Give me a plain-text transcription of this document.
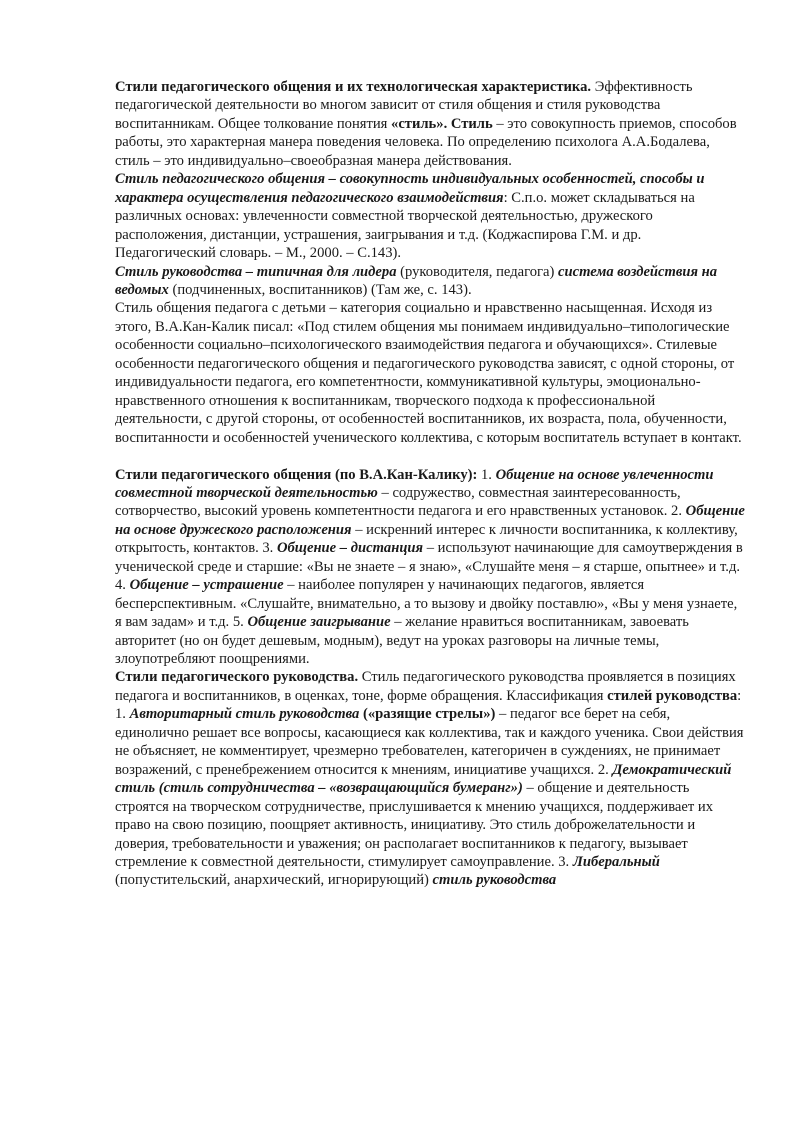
Стили педагогического общения и их технологическая характеристика. Эффективность педагогической деятельности во многом зависит от стиля общения и стиля руководства воспитанникам. Общее толкование понятия «стиль». Стиль – это совокупность приемов, способов работы, это характерная манера поведения человека. По определению психолога А.А.Бодалева, стиль – это индивидуально–своеобразная манера действования.

Стиль педагогического общения – совокупность индивидуальных особенностей, способы и характера осуществления педагогического взаимодействия: С.п.о. может складываться на различных основах: увлеченности совместной творческой деятельностью, дружеского расположения, дистанции, устрашения, заигрывания и т.д. (Коджаспирова Г.М. и др. Педагогический словарь. – М., 2000. – С.143).

Стиль руководства – типичная для лидера (руководителя, педагога) система воздействия на ведомых (подчиненных, воспитанников) (Там же, с. 143).

Стиль общения педагога с детьми – категория социально и нравственно насыщенная. Исходя из этого, В.А.Кан-Калик писал: «Под стилем общения мы понимаем индивидуально–типологические особенности социально–психологического взаимодействия педагога и обучающихся». Стилевые особенности педагогического общения и педагогического руководства зависят, с одной стороны, от индивидуальности педагога, его компетентности, коммуникативной культуры, эмоционально-нравственного отношения к воспитанникам, творческого подхода к профессиональной деятельности, с другой стороны, от особенностей воспитанников, их возраста, пола, обученности, воспитанности и особенностей ученического коллектива, с которым воспитатель вступает в контакт.

Стили педагогического общения (по В.А.Кан-Калику): 1. Общение на основе увлеченности совместной творческой деятельностью – содружество, совместная заинтересованность, сотворчество, высокий уровень компетентности педагога и его нравственных установок. 2. Общение на основе дружеского расположения – искренний интерес к личности воспитанника, к коллективу, открытость, контактов. 3. Общение – дистанция – используют начинающие для самоутверждения в ученической среде и старшие: «Вы не знаете – я знаю», «Слушайте меня – я старше, опытнее» и т.д. 4. Общение – устрашение – наиболее популярен у начинающих педагогов, является бесперспективным. «Слушайте, внимательно, а то вызову и двойку поставлю», «Вы у меня узнаете, я вам задам» и т.д. 5. Общение заигрывание – желание нравиться воспитанникам, завоевать авторитет (но он будет дешевым, модным), ведут на уроках разговоры на личные темы, злоупотребляют поощрениями.

Стили педагогического руководства. Стиль педагогического руководства проявляется в позициях педагога и воспитанников, в оценках, тоне, форме обращения. Классификация стилей руководства: 1. Авторитарный стиль руководства («разящие стрелы») – педагог все берет на себя, единолично решает все вопросы, касающиеся как коллектива, так и каждого ученика. Свои действия не объясняет, не комментирует, чрезмерно требователен, категоричен в суждениях, не принимает возражений, с пренебрежением относится к мнениям, инициативе учащихся. 2. Демократический стиль (стиль сотрудничества – «возвращающийся бумеранг») – общение и деятельность строятся на творческом сотрудничестве, прислушивается к мнению учащихся, поддерживает их право на свою позицию, поощряет активность, инициативу. Это стиль доброжелательности и доверия, требовательности и уважения; он располагает воспитанников к педагогу, вызывает стремление к совместной деятельности, стимулирует самоуправление. 3. Либеральный (попустительский, анархический, игнорирующий) стиль руководства
